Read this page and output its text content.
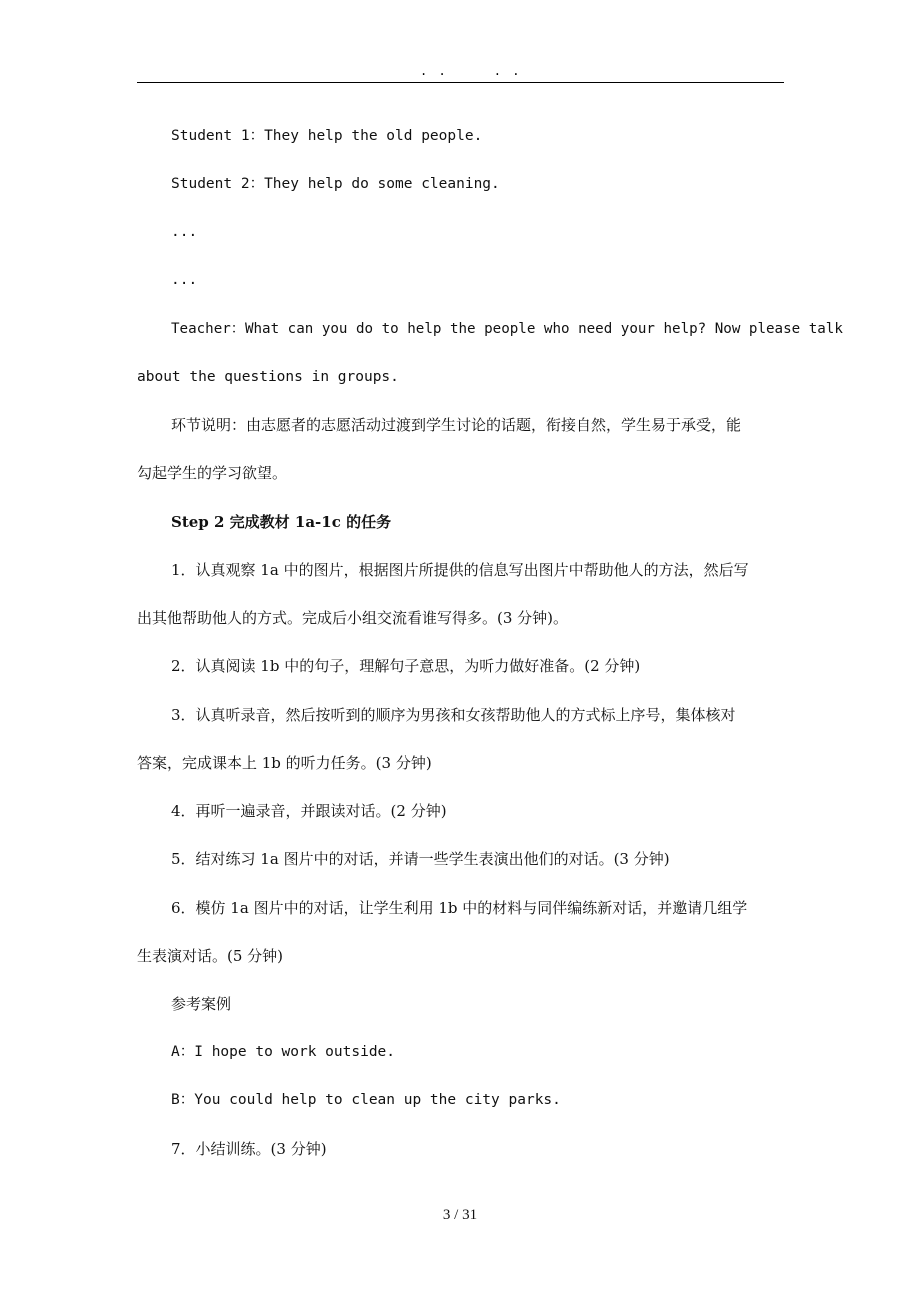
. .     . .
Student 1：They help the old people.
Student 2：They help do some cleaning.
...
...
Teacher：What can you do to help the people who need your help? Now please talk
about the questions in groups.
环节说明：由志愿者的志愿活动过渡到学生讨论的话题，衔接自然，学生易于承受，能
勾起学生的学习欲望。
Step 2 完成教材 1a-1c 的任务
1．认真观察 1a 中的图片，根据图片所提供的信息写出图片中帮助他人的方法，然后写
出其他帮助他人的方式。完成后小组交流看谁写得多。(3 分钟)。
2．认真阅读 1b 中的句子，理解句子意思，为听力做好准备。(2 分钟)
3．认真听录音，然后按听到的顺序为男孩和女孩帮助他人的方式标上序号，集体核对
答案，完成课本上 1b 的听力任务。(3 分钟)
4．再听一遍录音，并跟读对话。(2 分钟)
5．结对练习 1a 图片中的对话，并请一些学生表演出他们的对话。(3 分钟)
6．模仿 1a 图片中的对话，让学生利用 1b 中的材料与同伴编练新对话，并邀请几组学
生表演对话。(5 分钟)
参考案例
A：I hope to work outside.
B：You could help to clean up the city parks.
7．小结训练。(3 分钟)
3 / 31
